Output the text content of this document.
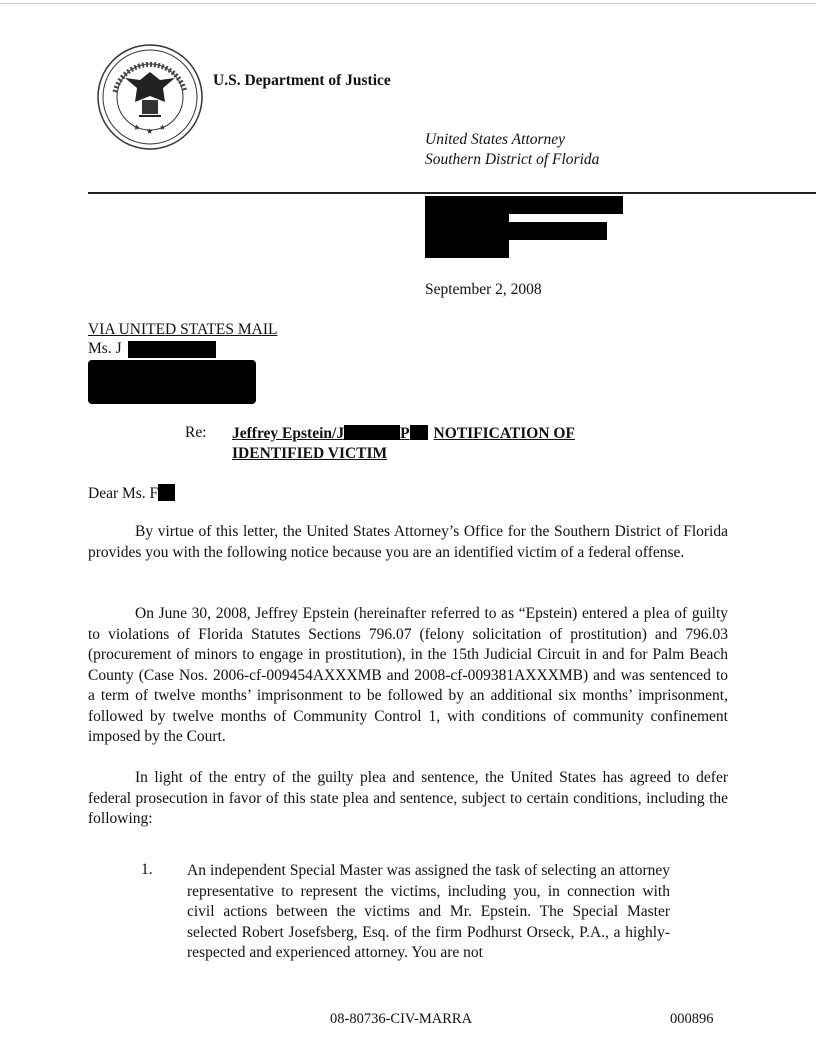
★ ★ ★
U.S. Department of Justice
United States Attorney
Southern District of Florida
September 2, 2008
VIA UNITED STATES MAIL
Ms. J
Re: Jeffrey Epstein/J	P NOTIFICATION OF
IDENTIFIED VICTIM
Dear Ms. F
By virtue of this letter, the United States Attorney’s Office for the Southern District of Florida provides you with the following notice because you are an identified victim of a federal offense.
On June 30, 2008, Jeffrey Epstein (hereinafter referred to as “Epstein) entered a plea of guilty to violations of Florida Statutes Sections 796.07 (felony solicitation of prostitution) and 796.03 (procurement of minors to engage in prostitution), in the 15th Judicial Circuit in and for Palm Beach County (Case Nos. 2006-cf-009454AXXXMB and 2008-cf-009381AXXXMB) and was sentenced to a term of twelve months’ imprisonment to be followed by an additional six months’ imprisonment, followed by twelve months of Community Control 1, with conditions of community confinement imposed by the Court.
In light of the entry of the guilty plea and sentence, the United States has agreed to defer federal prosecution in favor of this state plea and sentence, subject to certain conditions, including the following:
1. An independent Special Master was assigned the task of selecting an attorney representative to represent the victims, including you, in connection with civil actions between the victims and Mr. Epstein. The Special Master selected Robert Josefsberg, Esq. of the firm Podhurst Orseck, P.A., a highly-respected and experienced attorney. You are not
08-80736-CIV-MARRA	000896
